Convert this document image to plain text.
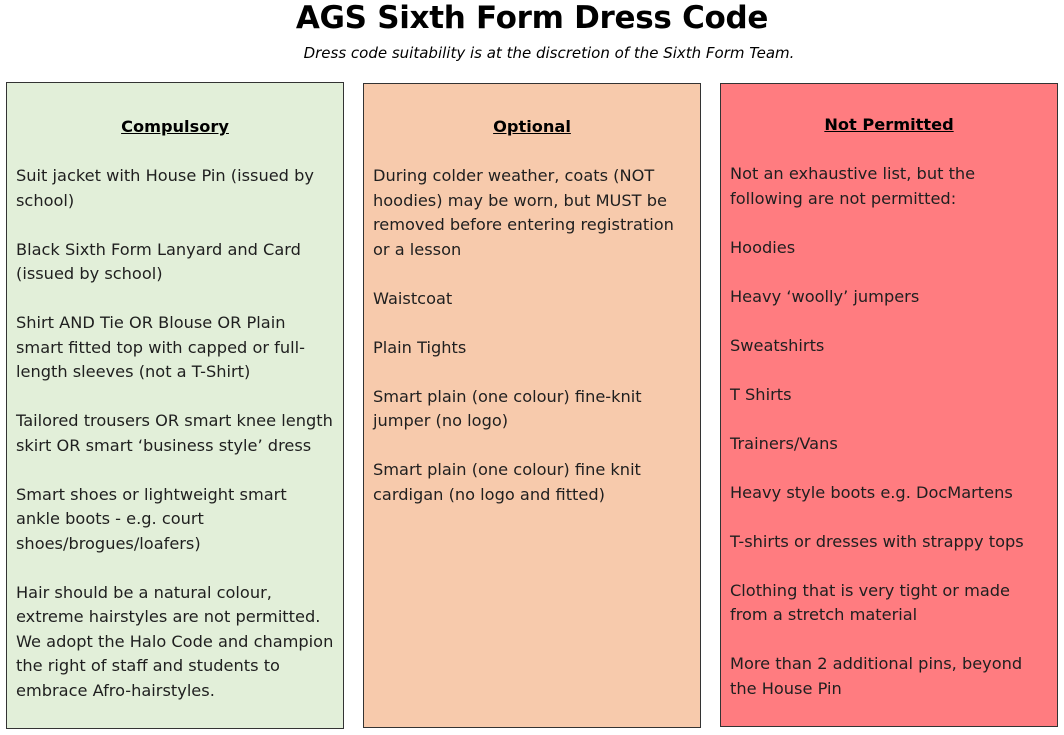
AGS Sixth Form Dress Code
Dress code suitability is at the discretion of the Sixth Form Team.
Compulsory
Suit jacket with House Pin (issued by school)
Black Sixth Form Lanyard and Card (issued by school)
Shirt AND Tie OR Blouse OR Plain smart fitted top with capped or full-length sleeves (not a T-Shirt)
Tailored trousers OR smart knee length skirt OR smart ‘business style’ dress
Smart shoes or lightweight smart ankle boots - e.g. court shoes/brogues/loafers)
Hair should be a natural colour, extreme hairstyles are not permitted. We adopt the Halo Code and champion the right of staff and students to embrace Afro-hairstyles.
Optional
During colder weather, coats (NOT hoodies) may be worn, but MUST be removed before entering registration or a lesson
Waistcoat
Plain Tights
Smart plain (one colour) fine-knit jumper (no logo)
Smart plain (one colour) fine knit cardigan (no logo and fitted)
Not Permitted
Not an exhaustive list, but the following are not permitted:
Hoodies
Heavy ‘woolly’ jumpers
Sweatshirts
T Shirts
Trainers/Vans
Heavy style boots e.g. DocMartens
T-shirts or dresses with strappy tops
Clothing that is very tight or made from a stretch material
More than 2 additional pins, beyond the House Pin
